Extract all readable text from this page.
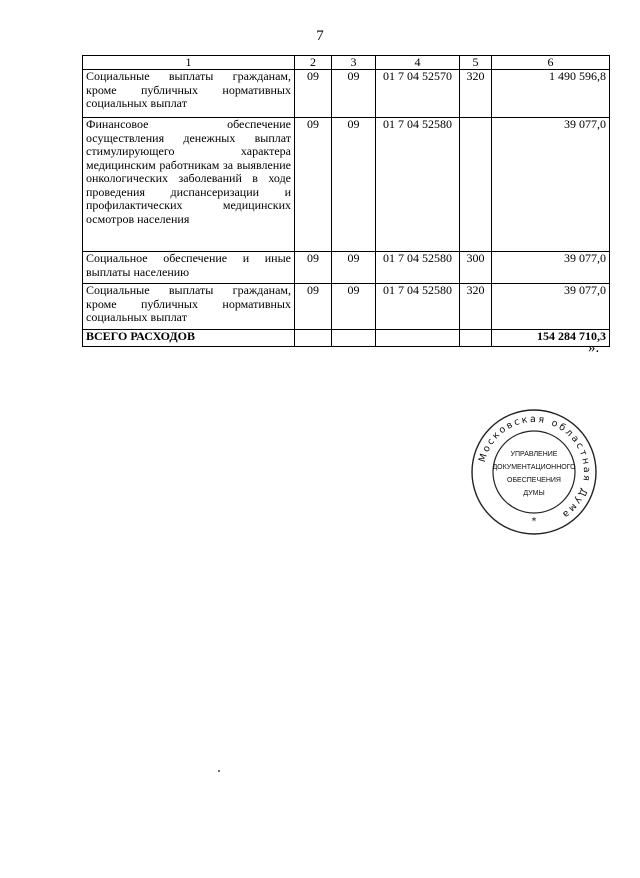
7
1	2	3	4	5	6
Социальные выплаты гражданам, кроме публичных нормативных социальных выплат	09	09	01 7 04 52570	320	1 490 596,8
Финансовое обеспечение осуществления денежных выплат стимулирующего характера медицинским работникам за выявление онкологических заболеваний в ходе проведения диспансеризации и профилактических медицинских осмотров населения	09	09	01 7 04 52580		39 077,0
Социальное обеспечение и иные выплаты населению	09	09	01 7 04 52580	300	39 077,0
Социальные выплаты гражданам, кроме публичных нормативных социальных выплат	09	09	01 7 04 52580	320	39 077,0
ВСЕГО РАСХОДОВ					154 284 710,3
».
Московская областная Дума
УПРАВЛЕНИЕ
ДОКУМЕНТАЦИОННОГО
ОБЕСПЕЧЕНИЯ
ДУМЫ
*
